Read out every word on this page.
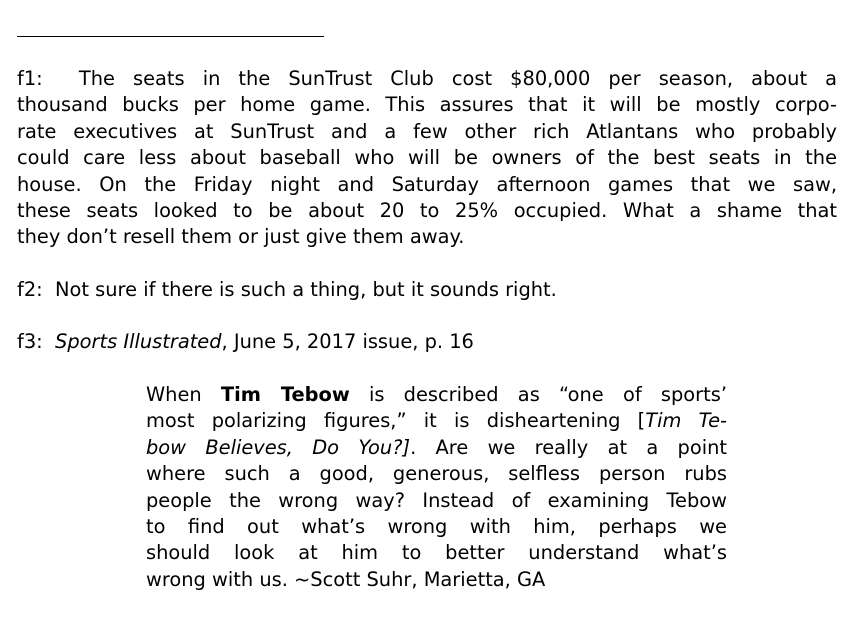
f1: The seats in the SunTrust Club cost $80,000 per season, about a
thousand bucks per home game. This assures that it will be mostly corpo-
rate executives at SunTrust and a few other rich Atlantans who probably
could care less about baseball who will be owners of the best seats in the
house. On the Friday night and Saturday afternoon games that we saw,
these seats looked to be about 20 to 25% occupied. What a shame that
they don’t resell them or just give them away.
f2: Not sure if there is such a thing, but it sounds right.
f3: Sports Illustrated, June 5, 2017 issue, p. 16
When Tim Tebow is described as “one of sports’
most polarizing figures,” it is disheartening [Tim Te-
bow Believes, Do You?]. Are we really at a point
where such a good, generous, selfless person rubs
people the wrong way? Instead of examining Tebow
to find out what’s wrong with him, perhaps we
should look at him to better understand what’s
wrong with us. ~Scott Suhr, Marietta, GA
